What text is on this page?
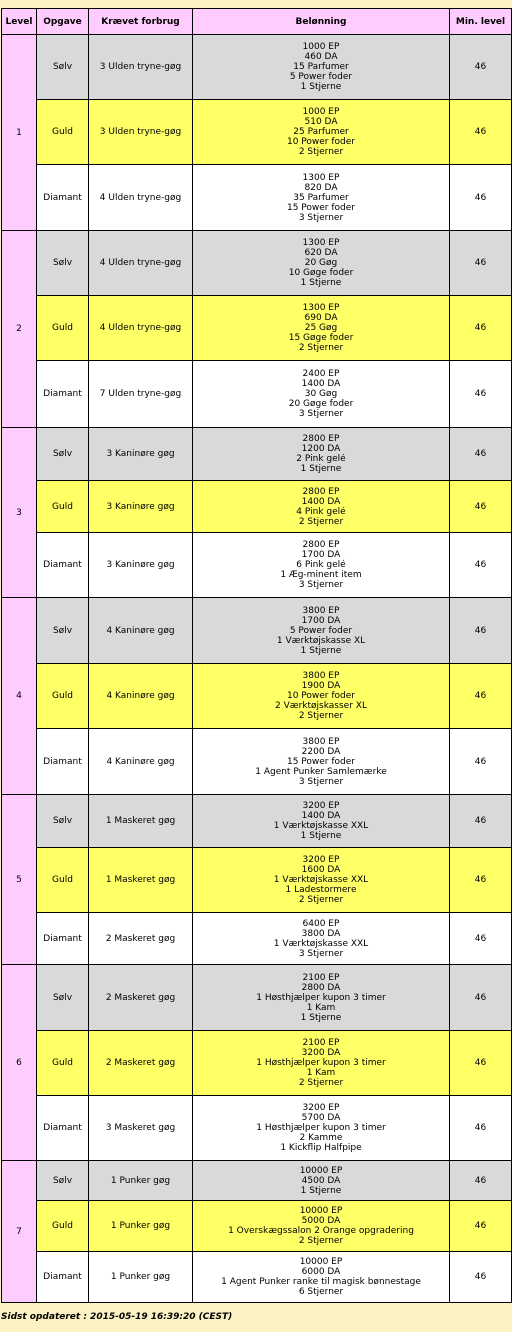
Level	Opgave	Krævet forbrug	Belønning	Min. level
1	Sølv	3 Ulden tryne-gøg	1000 EP
460 DA
15 Parfumer
5 Power foder
1 Stjerne	46
	Guld	3 Ulden tryne-gøg	1000 EP
510 DA
25 Parfumer
10 Power foder
2 Stjerner	46
	Diamant	4 Ulden tryne-gøg	1300 EP
820 DA
35 Parfumer
15 Power foder
3 Stjerner	46
2	Sølv	4 Ulden tryne-gøg	1300 EP
620 DA
20 Gøg
10 Gøge foder
1 Stjerne	46
	Guld	4 Ulden tryne-gøg	1300 EP
690 DA
25 Gøg
15 Gøge foder
2 Stjerner	46
	Diamant	7 Ulden tryne-gøg	2400 EP
1400 DA
30 Gøg
20 Gøge foder
3 Stjerner	46
3	Sølv	3 Kaninøre gøg	2800 EP
1200 DA
2 Pink gelé
1 Stjerne	46
	Guld	3 Kaninøre gøg	2800 EP
1400 DA
4 Pink gelé
2 Stjerner	46
	Diamant	3 Kaninøre gøg	2800 EP
1700 DA
6 Pink gelé
1 Æg-minent item
3 Stjerner	46
4	Sølv	4 Kaninøre gøg	3800 EP
1700 DA
5 Power foder
1 Værktøjskasse XL
1 Stjerne	46
	Guld	4 Kaninøre gøg	3800 EP
1900 DA
10 Power foder
2 Værktøjskasser XL
2 Stjerner	46
	Diamant	4 Kaninøre gøg	3800 EP
2200 DA
15 Power foder
1 Agent Punker Samlemærke
3 Stjerner	46
5	Sølv	1 Maskeret gøg	3200 EP
1400 DA
1 Værktøjskasse XXL
1 Stjerne	46
	Guld	1 Maskeret gøg	3200 EP
1600 DA
1 Værktøjskasse XXL
1 Ladestormere
2 Stjerner	46
	Diamant	2 Maskeret gøg	6400 EP
3800 DA
1 Værktøjskasse XXL
3 Stjerner	46
6	Sølv	2 Maskeret gøg	2100 EP
2800 DA
1 Høsthjælper kupon 3 timer
1 Kam
1 Stjerne	46
	Guld	2 Maskeret gøg	2100 EP
3200 DA
1 Høsthjælper kupon 3 timer
1 Kam
2 Stjerner	46
	Diamant	3 Maskeret gøg	3200 EP
5700 DA
1 Høsthjælper kupon 3 timer
2 Kamme
1 Kickflip Halfpipe	46
7	Sølv	1 Punker gøg	10000 EP
4500 DA
1 Stjerne	46
	Guld	1 Punker gøg	10000 EP
5000 DA
1 Overskægssalon 2 Orange opgradering
2 Stjerner	46
	Diamant	1 Punker gøg	10000 EP
6000 DA
1 Agent Punker ranke til magisk bønnestage
6 Stjerner	46
Sidst opdateret : 2015-05-19 16:39:20 (CEST)
